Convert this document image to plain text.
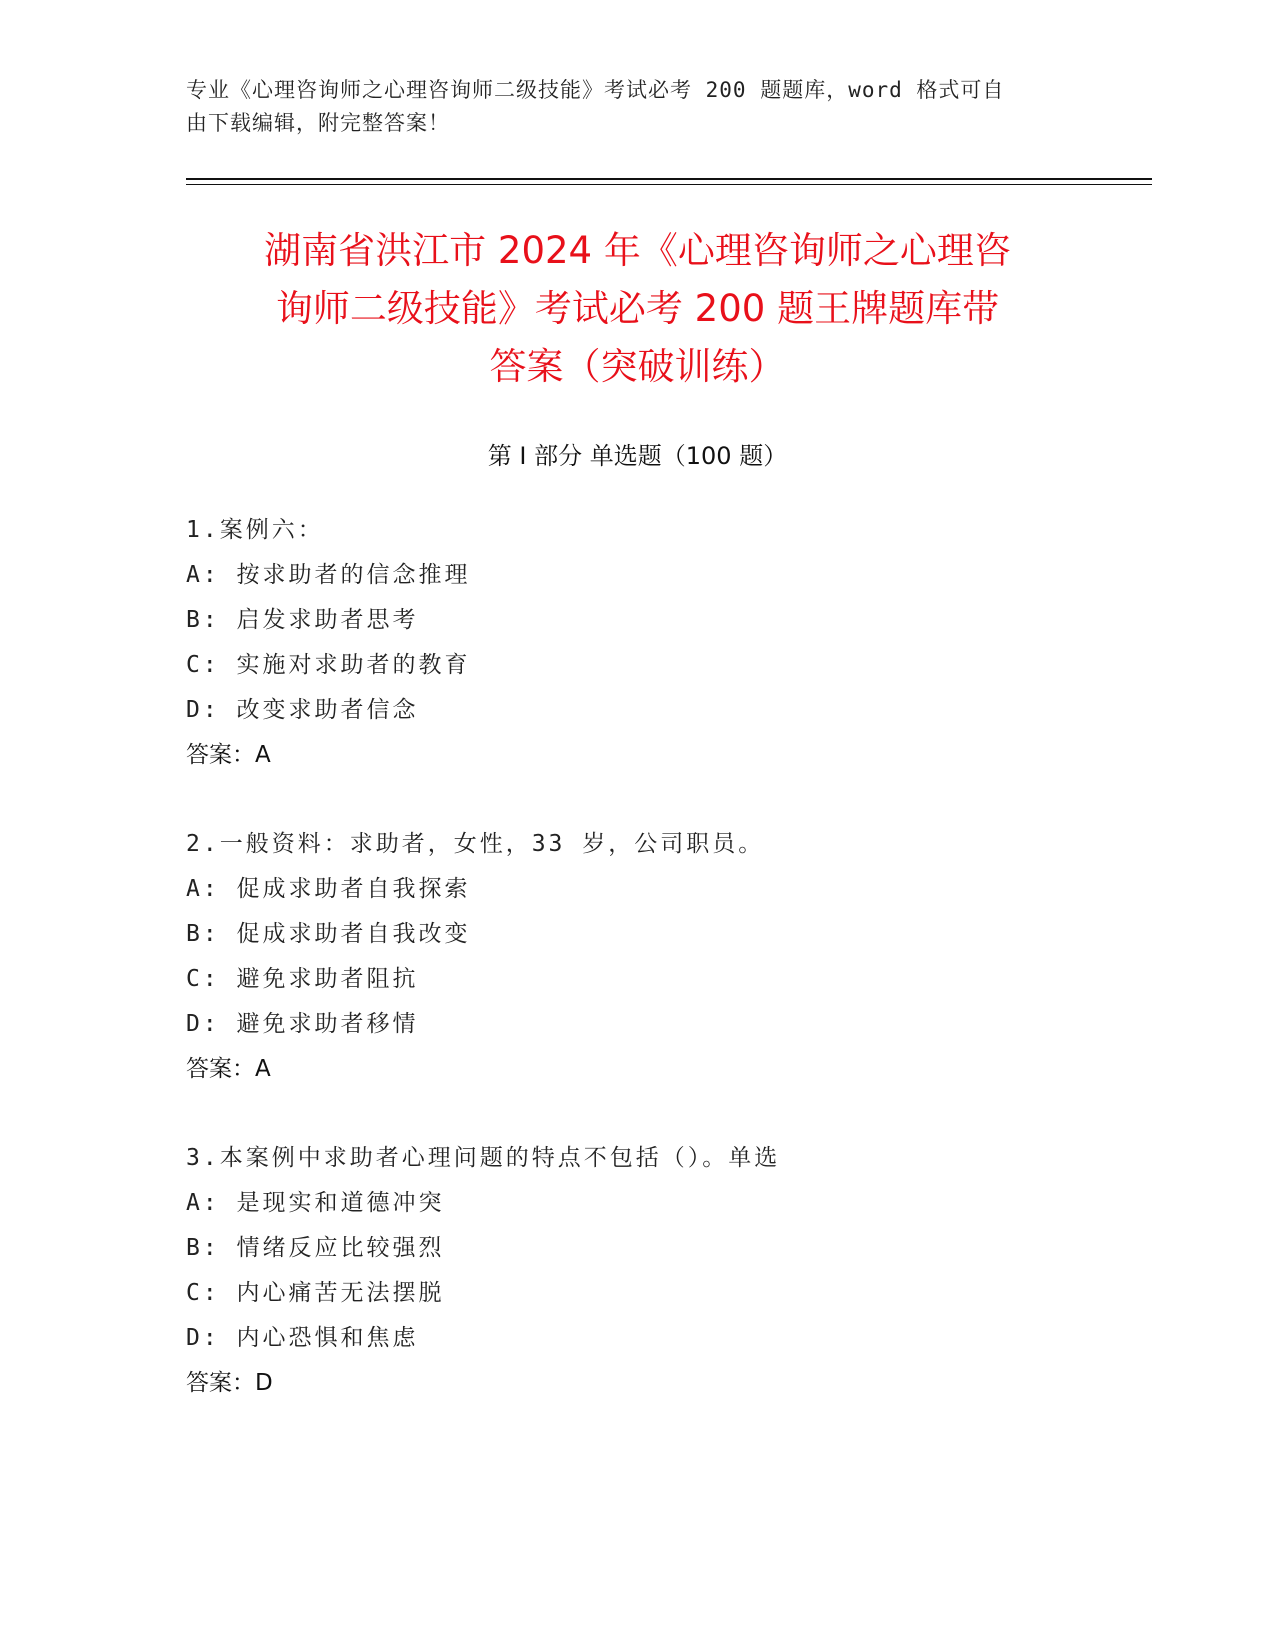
专业《心理咨询师之心理咨询师二级技能》考试必考 200 题题库，word 格式可自
由下载编辑，附完整答案！
湖南省洪江市 2024 年《心理咨询师之心理咨
询师二级技能》考试必考 200 题王牌题库带
答案（突破训练）
第 I 部分 单选题（100 题）
1.案例六：
A: 按求助者的信念推理
B: 启发求助者思考
C: 实施对求助者的教育
D: 改变求助者信念
答案：A
2.一般资料：求助者，女性，33 岁，公司职员。
A: 促成求助者自我探索
B: 促成求助者自我改变
C: 避免求助者阻抗
D: 避免求助者移情
答案：A
3.本案例中求助者心理问题的特点不包括（）。单选
A: 是现实和道德冲突
B: 情绪反应比较强烈
C: 内心痛苦无法摆脱
D: 内心恐惧和焦虑
答案：D
